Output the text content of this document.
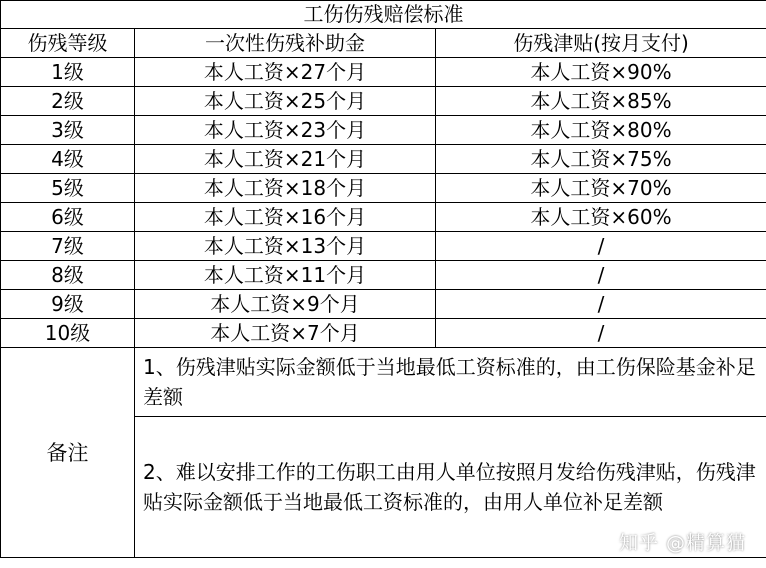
工伤伤残赔偿标准		
伤残等级	一次性伤残补助金	伤残津贴(按月支付)
1级	本人工资×27个月	本人工资×90%
2级	本人工资×25个月	本人工资×85%
3级	本人工资×23个月	本人工资×80%
4级	本人工资×21个月	本人工资×75%
5级	本人工资×18个月	本人工资×70%
6级	本人工资×16个月	本人工资×60%
7级	本人工资×13个月	/
8级	本人工资×11个月	/
9级	本人工资×9个月	/
10级	本人工资×7个月	/
备注	1、伤残津贴实际金额低于当地最低工资标准的，由工伤保险基金补足差额	
	2、难以安排工作的工伤职工由用人单位按照月发给伤残津贴，伤残津贴实际金额低于当地最低工资标准的，由用人单位补足差额	
知乎 @精算猫
